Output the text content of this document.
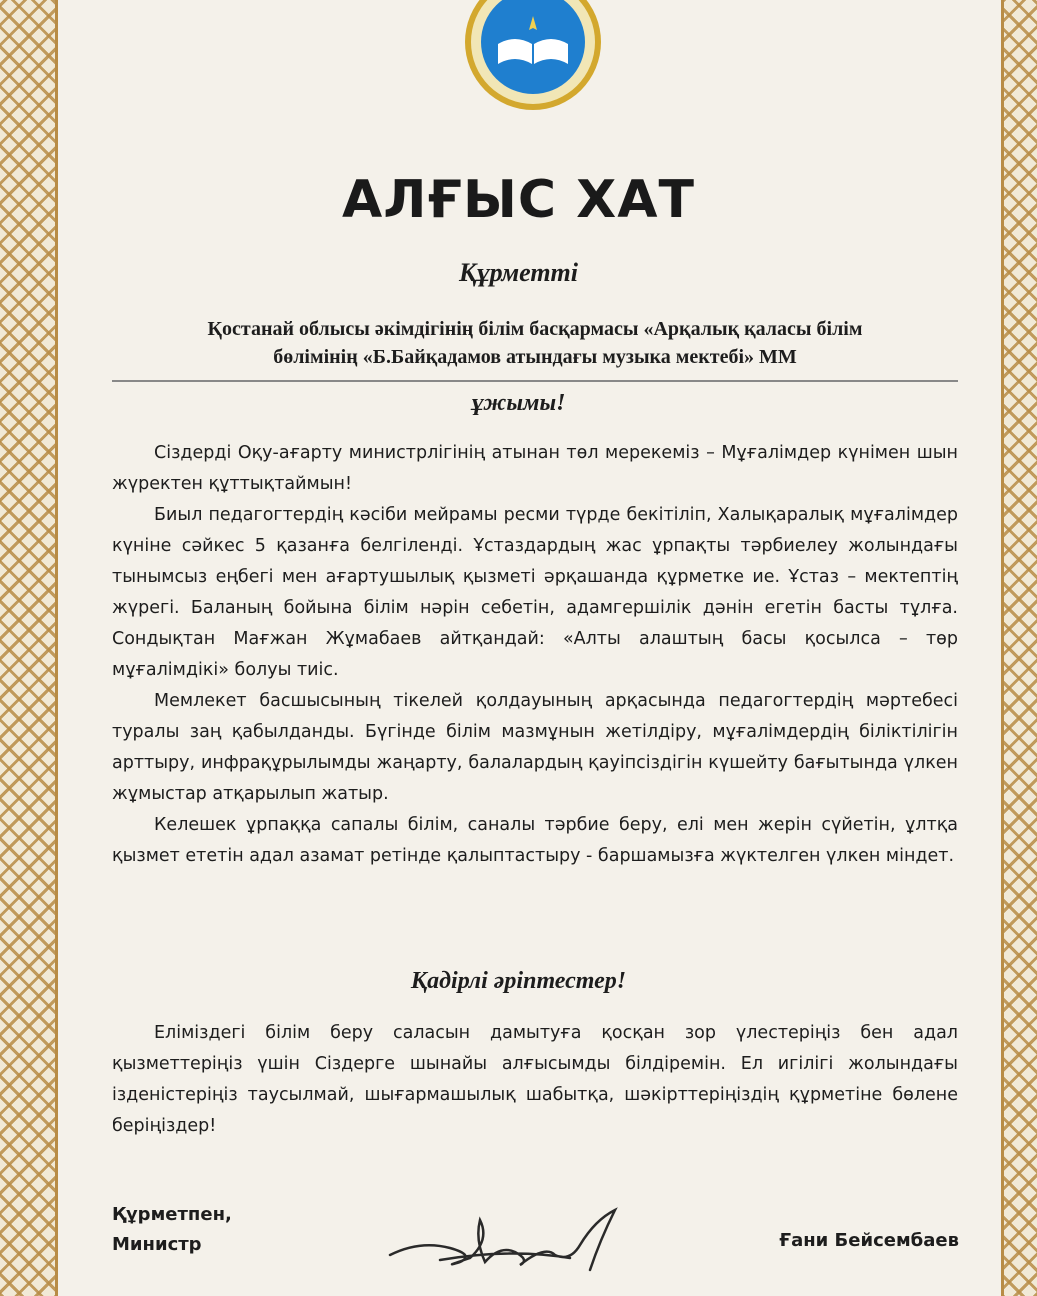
АЛҒЫС ХАТ
Құрметті
Қостанай облысы әкімдігінің білім басқармасы «Арқалық қаласы білім
бөлімінің «Б.Байқадамов атындағы музыка мектебі» ММ
ұжымы!

Сіздерді Оқу-ағарту министрлігінің атынан төл мерекеміз – Мұғалімдер күнімен шын жүректен құттықтаймын!

Биыл педагогтердің кәсіби мейрамы ресми түрде бекітіліп, Халықаралық мұғалімдер күніне сәйкес 5 қазанға белгіленді. Ұстаздардың жас ұрпақты тәрбиелеу жолындағы тынымсыз еңбегі мен ағартушылық қызметі әрқашанда құрметке ие. Ұстаз – мектептің жүрегі. Баланың бойына білім нәрін себетін, адамгершілік дәнін егетін басты тұлға. Сондықтан Мағжан Жұмабаев айтқандай: «Алты алаштың басы қосылса – төр мұғалімдікі» болуы тиіс.

Мемлекет басшысының тікелей қолдауының арқасында педагогтердің мәртебесі туралы заң қабылданды. Бүгінде білім мазмұнын жетілдіру, мұғалімдердің біліктілігін арттыру, инфрақұрылымды жаңарту, балалардың қауіпсіздігін күшейту бағытында үлкен жұмыстар атқарылып жатыр.

Келешек ұрпаққа сапалы білім, саналы тәрбие беру, елі мен жерін сүйетін, ұлтқа қызмет ететін адал азамат ретінде қалыптастыру - баршамызға жүктелген үлкен міндет.

Қадірлі әріптестер!

Еліміздегі білім беру саласын дамытуға қосқан зор үлестеріңіз бен адал қызметтеріңіз үшін Сіздерге шынайы алғысымды білдіремін. Ел игілігі жолындағы ізденістеріңіз таусылмай, шығармашылық шабытқа, шәкірттеріңіздің құрметіне бөлене беріңіздер!

Құрметпен,
Министр	Ғани Бейсембаев
